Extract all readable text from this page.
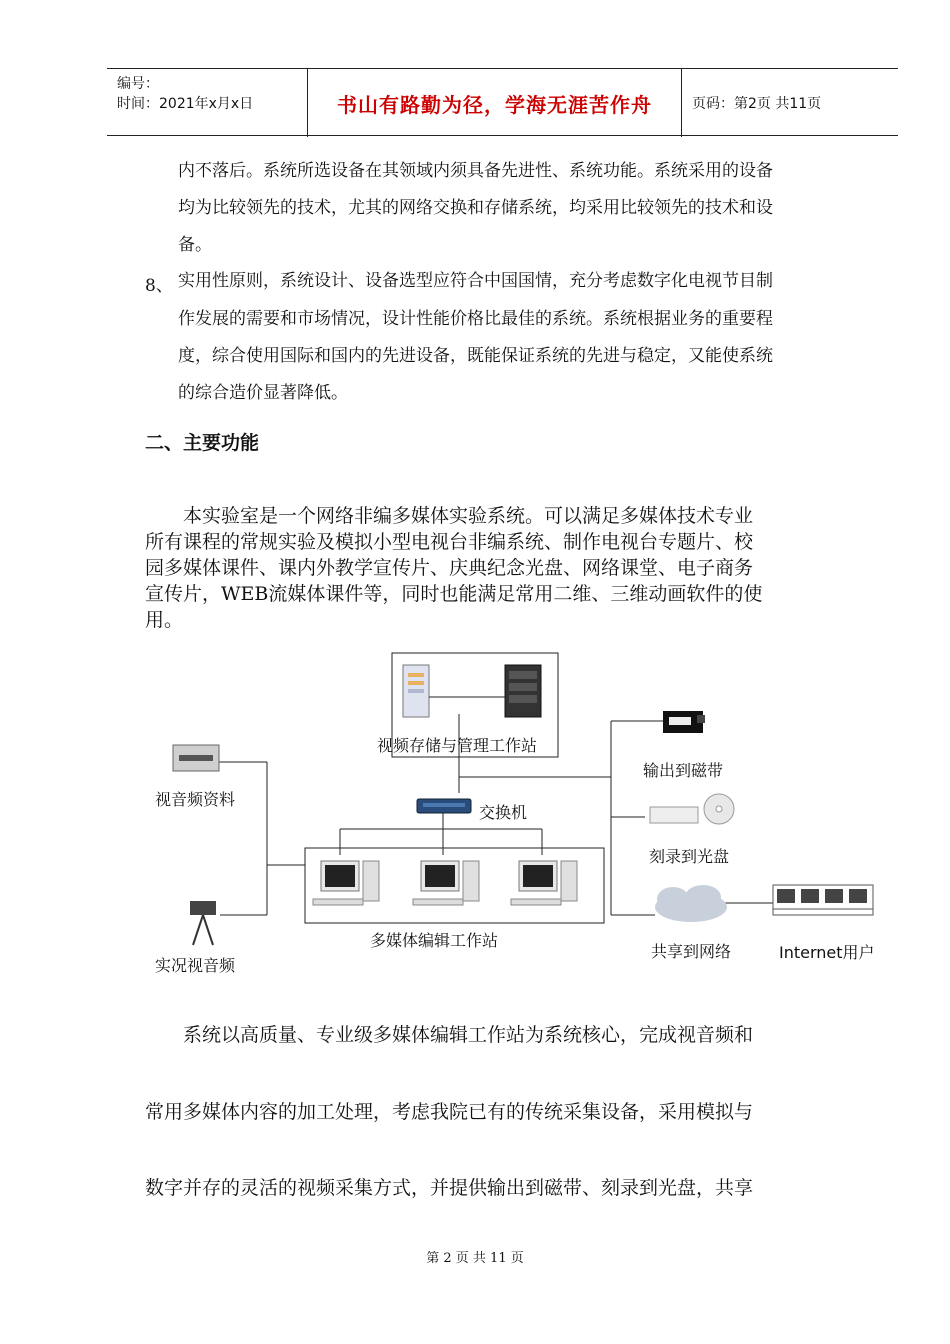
编号：
时间：2021年x月x日	书山有路勤为径，学海无涯苦作舟	页码：第2页 共11页
内不落后。系统所选设备在其领域内须具备先进性、系统功能。系统采用的设备
均为比较领先的技术，尤其的网络交换和存储系统，均采用比较领先的技术和设
备。
8、 实用性原则，系统设计、设备选型应符合中国国情，充分考虑数字化电视节目制
作发展的需要和市场情况，设计性能价格比最佳的系统。系统根据业务的重要程
度，综合使用国际和国内的先进设备，既能保证系统的先进与稳定，又能使系统
的综合造价显著降低。
二、主要功能
　　本实验室是一个网络非编多媒体实验系统。可以满足多媒体技术专业
所有课程的常规实验及模拟小型电视台非编系统、制作电视台专题片、校
园多媒体课件、课内外教学宣传片、庆典纪念光盘、网络课堂、电子商务
宣传片，WEB流媒体课件等，同时也能满足常用二维、三维动画软件的使
用。
视频存储与管理工作站
视音频资料
交换机
多媒体编辑工作站
实况视音频
输出到磁带
刻录到光盘
共享到网络	Internet用户
　　系统以高质量、专业级多媒体编辑工作站为系统核心，完成视音频和
常用多媒体内容的加工处理，考虑我院已有的传统采集设备，采用模拟与
数字并存的灵活的视频采集方式，并提供输出到磁带、刻录到光盘，共享
第 2 页 共 11 页
